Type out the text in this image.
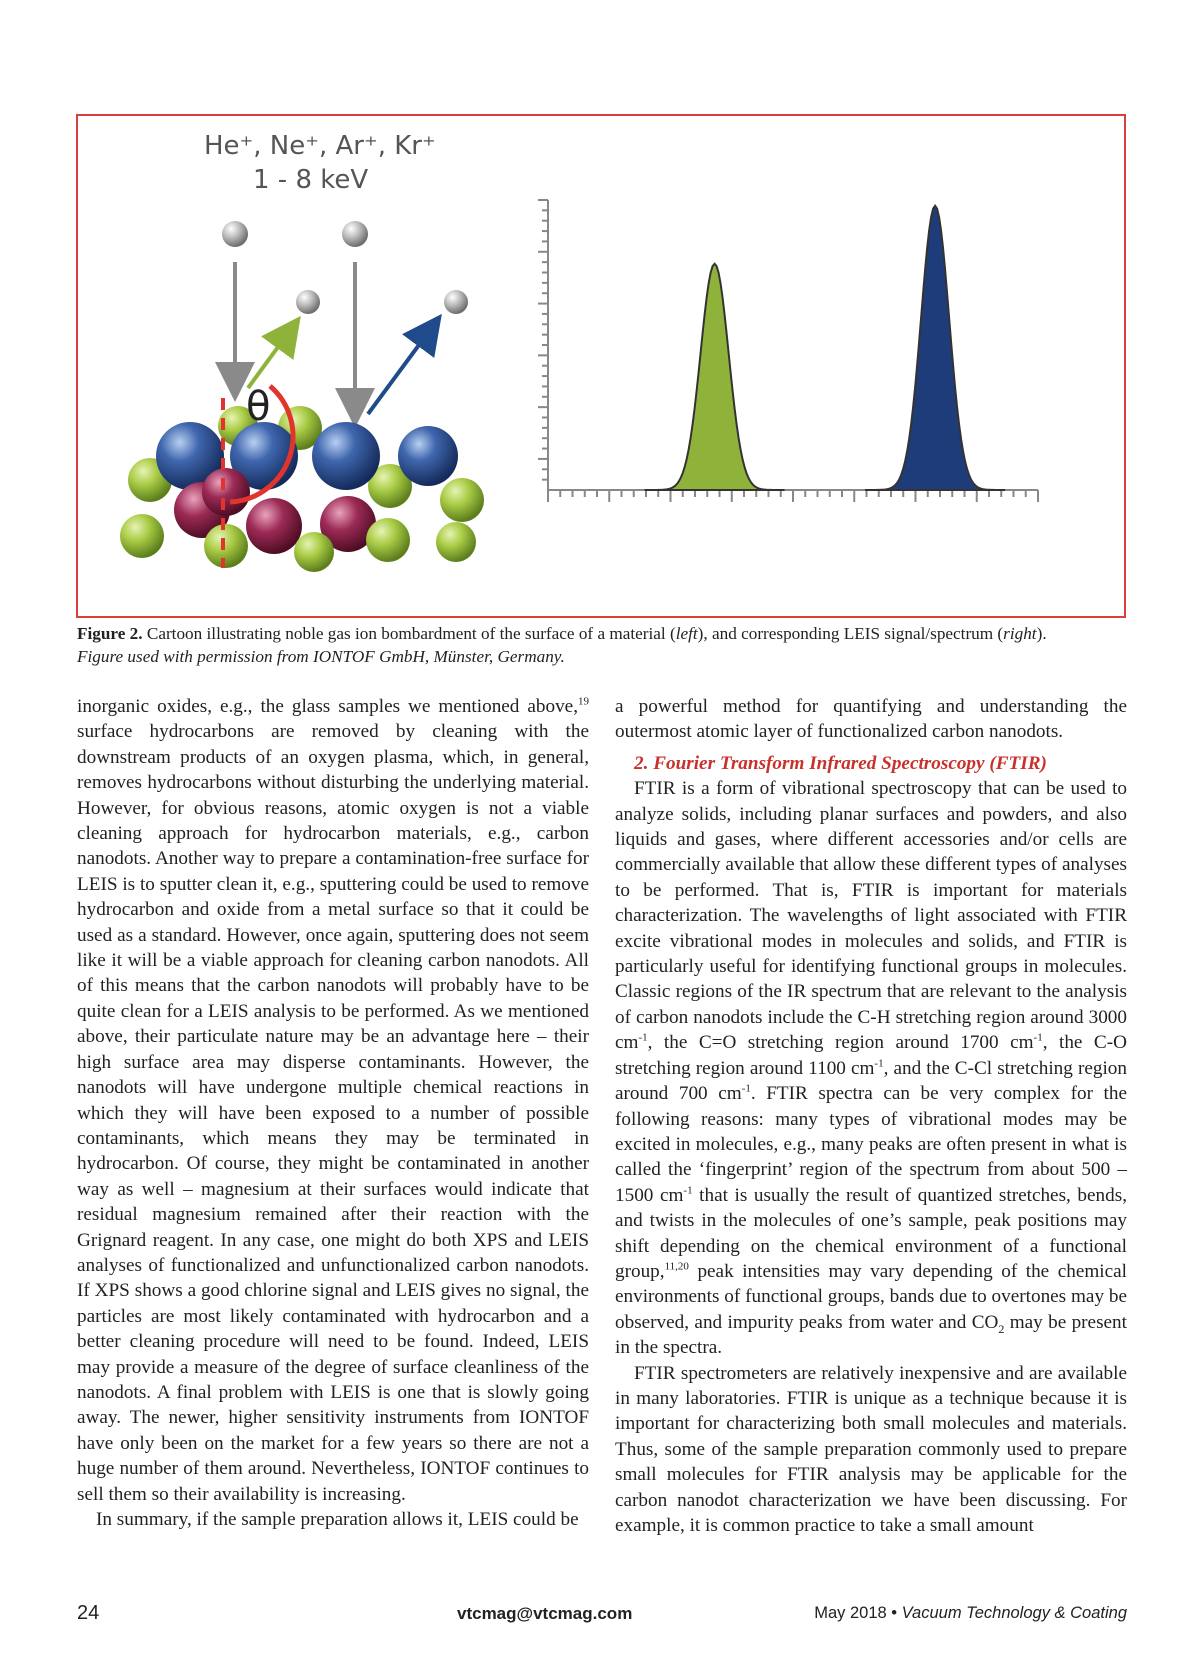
He⁺, Ne⁺, Ar⁺, Kr⁺
1 - 8 keV
θ
Figure 2. Cartoon illustrating noble gas ion bombardment of the surface of a material (left), and corresponding LEIS signal/spectrum (right).
Figure used with permission from IONTOF GmbH, Münster, Germany.

inorganic oxides, e.g., the glass samples we mentioned above,$^{19}$ surface hydrocarbons are removed by cleaning with the downstream products of an oxygen plasma, which, in general, removes hydrocarbons without disturbing the underlying material. However, for obvious reasons, atomic oxygen is not a viable cleaning approach for hydrocarbon materials, e.g., carbon nanodots. Another way to prepare a contamination-free surface for LEIS is to sputter clean it, e.g., sputtering could be used to remove hydrocarbon and oxide from a metal surface so that it could be used as a standard. However, once again, sputtering does not seem like it will be a viable approach for cleaning carbon nanodots. All of this means that the carbon nanodots will probably have to be quite clean for a LEIS analysis to be performed. As we mentioned above, their particulate nature may be an advantage here – their high surface area may disperse contaminants. However, the nanodots will have undergone multiple chemical reactions in which they will have been exposed to a number of possible contaminants, which means they may be terminated in hydrocarbon. Of course, they might be contaminated in another way as well – magnesium at their surfaces would indicate that residual magnesium remained after their reaction with the Grignard reagent. In any case, one might do both XPS and LEIS analyses of functionalized and unfunctionalized carbon nanodots. If XPS shows a good chlorine signal and LEIS gives no signal, the particles are most likely contaminated with hydrocarbon and a better cleaning procedure will need to be found. Indeed, LEIS may provide a measure of the degree of surface cleanliness of the nanodots. A final problem with LEIS is one that is slowly going away. The newer, higher sensitivity instruments from IONTOF have only been on the market for a few years so there are not a huge number of them around. Nevertheless, IONTOF continues to sell them so their availability is increasing.

In summary, if the sample preparation allows it, LEIS could be

a powerful method for quantifying and understanding the outermost atomic layer of functionalized carbon nanodots.

2. Fourier Transform Infrared Spectroscopy (FTIR)

FTIR is a form of vibrational spectroscopy that can be used to analyze solids, including planar surfaces and powders, and also liquids and gases, where different accessories and/or cells are commercially available that allow these different types of analyses to be performed. That is, FTIR is important for materials characterization. The wavelengths of light associated with FTIR excite vibrational modes in molecules and solids, and FTIR is particularly useful for identifying functional groups in molecules. Classic regions of the IR spectrum that are relevant to the analysis of carbon nanodots include the C-H stretching region around 3000 $cm^{-1}$, the C=O stretching region around 1700 $cm^{-1}$, the C-O stretching region around 1100 $cm^{-1}$, and the C-Cl stretching region around 700 $cm^{-1}$. FTIR spectra can be very complex for the following reasons: many types of vibrational modes may be excited in molecules, e.g., many peaks are often present in what is called the ‘fingerprint’ region of the spectrum from about 500 – 1500 $cm^{-1}$ that is usually the result of quantized stretches, bends, and twists in the molecules of one’s sample, peak positions may shift depending on the chemical environment of a functional group,$^{11,20}$ peak intensities may vary depending of the chemical environments of functional groups, bands due to overtones may be observed, and impurity peaks from water and $CO_2$ may be present in the spectra.

FTIR spectrometers are relatively inexpensive and are available in many laboratories. FTIR is unique as a technique because it is important for characterizing both small molecules and materials. Thus, some of the sample preparation commonly used to prepare small molecules for FTIR analysis may be applicable for the carbon nanodot characterization we have been discussing. For example, it is common practice to take a small amount

24	vtcmag@vtcmag.com	May 2018 • Vacuum Technology & Coating
